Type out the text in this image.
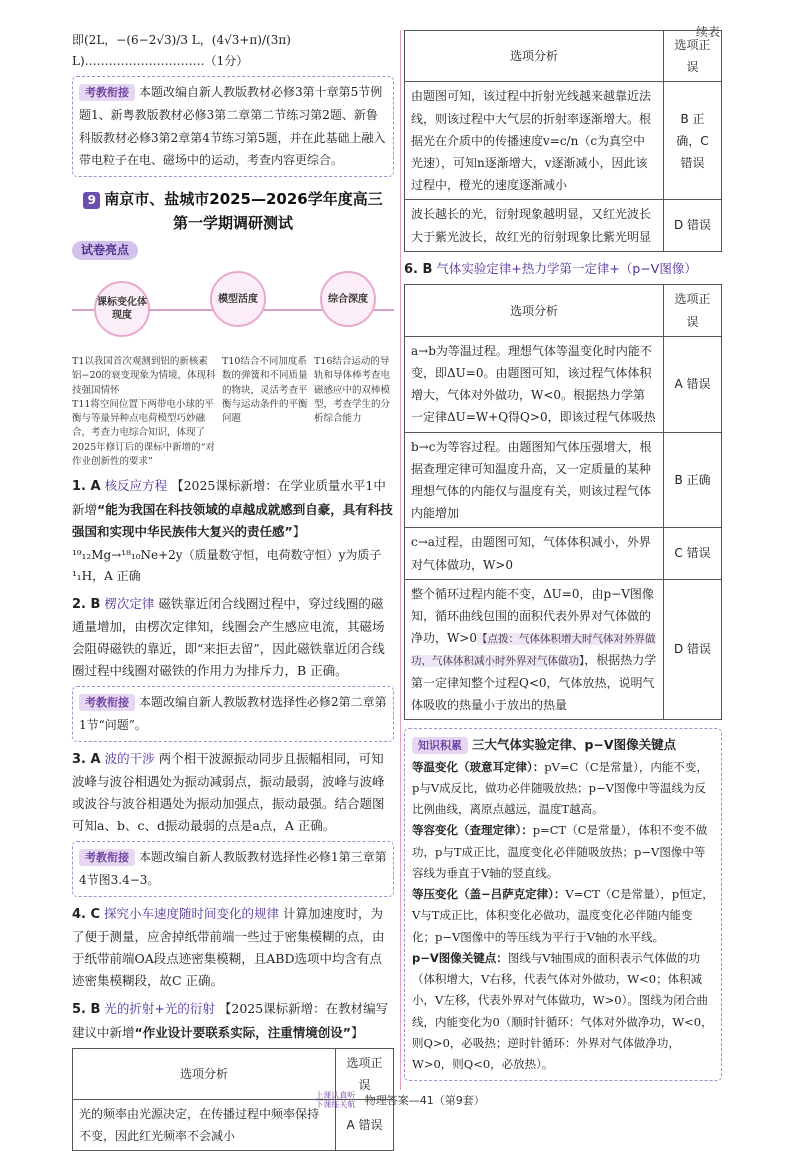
续表
即(2L，−(6−2√3)/3 L，(4√3+π)/(3π) L)…………………………（1分）
考教衔接 本题改编自新人教版教材必修3第十章第5节例题1、新粤教版教材必修3第二章第二节练习第2题、新鲁科版教材必修3第2章第4节练习第5题，并在此基础上融入带电粒子在电、磁场中的运动，考查内容更综合。
9 南京市、盐城市2025—2026学年度高三
第一学期调研测试
试卷亮点
课标变化体现度
模型活度	综合深度
T1以我国首次观测到铝的新核素铝−20的衰变现象为情境，体现科技强国情怀
T11将空间位置下两带电小球的平衡与等量异种点电荷模型巧妙融合，考查力电综合知识，体现了2025年修订后的课标中新增的“对作业创新性的要求”
T10结合不同加度系数的弹簧和不同质量的物块，灵活考查平衡与运动条件的平衡问题
T16结合运动的导轨和导体棒考查电磁感应中的双棒模型，考查学生的分析综合能力
1. A 核反应方程 【2025课标新增：在学业质量水平1中新增“能为我国在科技领域的卓越成就感到自豪，具有科技强国和实现中华民族伟大复兴的责任感”】
¹⁹₁₂Mg→¹⁸₁₀Ne+2y（质量数守恒，电荷数守恒）y为质子¹₁H，A 正确
2. B 楞次定律 磁铁靠近闭合线圈过程中，穿过线圈的磁通量增加，由楞次定律知，线圈会产生感应电流，其磁场会阻碍磁铁的靠近，即“来拒去留”，因此磁铁靠近闭合线圈过程中线圈对磁铁的作用力为排斥力，B 正确。
考教衔接 本题改编自新人教版教材选择性必修2第二章第1节“问题”。
3. A 波的干涉 两个相干波源振动同步且振幅相同，可知波峰与波谷相遇处为振动减弱点，振动最弱，波峰与波峰或波谷与波谷相遇处为振动加强点，振动最强。结合题图可知a、b、c、d振动最弱的点是a点，A 正确。
考教衔接 本题改编自新人教版教材选择性必修1第三章第4节图3.4−3。
4. C 探究小车速度随时间变化的规律 计算加速度时，为了便于测量，应舍掉纸带前端一些过于密集模糊的点，由于纸带前端OA段点迹密集模糊，且ABD选项中均含有点迹密集模糊段，故C 正确。
5. B 光的折射+光的衍射 【2025课标新增：在教材编写建议中新增“作业设计要联系实际，注重情境创设”】
选项分析	选项正误
光的频率由光源决定，在传播过程中频率保持不变，因此红光频率不会减小	A 错误
选项分析	选项正误
由题图可知，该过程中折射光线越来越靠近法线，则该过程中大气层的折射率逐渐增大。根据光在介质中的传播速度v=c/n（c为真空中光速），可知n逐渐增大，v逐渐减小，因此该过程中，橙光的速度逐渐减小	B 正确，C 错误
波长越长的光，衍射现象越明显，又红光波长大于紫光波长，故红光的衍射现象比紫光明显	D 错误
6. B 气体实验定律+热力学第一定律+（p−V图像）
选项分析	选项正误
a→b为等温过程。理想气体等温变化时内能不变，即ΔU=0。由题图可知，该过程气体体积增大，气体对外做功，W<0。根据热力学第一定律ΔU=W+Q得Q>0，即该过程气体吸热	A 错误
b→c为等容过程。由题图知气体压强增大，根据查理定律可知温度升高，又一定质量的某种理想气体的内能仅与温度有关，则该过程气体内能增加	B 正确
c→a过程，由题图可知，气体体积减小，外界对气体做功，W>0	C 错误
整个循环过程内能不变，ΔU=0，由p−V图像知，循环曲线包围的面积代表外界对气体做的净功，W>0【点拨：气体体积增大时气体对外界做功，气体体积减小时外界对气体做功】，根据热力学第一定律知整个过程Q<0，气体放热，说明气体吸收的热量小于放出的热量	D 错误
知识积累 三大气体实验定律、p−V图像关键点
等温变化（玻意耳定律）：pV=C（C是常量），内能不变，p与V成反比，做功必伴随吸放热；p−V图像中等温线为反比例曲线，离原点越远，温度T越高。
等容变化（查理定律）：p=CT（C是常量），体积不变不做功，p与T成正比，温度变化必伴随吸放热；p−V图像中等容线为垂直于V轴的竖直线。
等压变化（盖−吕萨克定律）：V=CT（C是常量），p恒定，V与T成正比，体积变化必做功，温度变化必伴随内能变化；p−V图像中的等压线为平行于V轴的水平线。
p−V图像关键点：图线与V轴围成的面积表示气体做的功（体积增大，V右移，代表气体对外做功，W<0；体积减小，V左移，代表外界对气体做功，W>0）。图线为闭合曲线，内能变化为0（顺时针循环：气体对外做净功，W<0，则Q>0，必吸热；逆时针循环：外界对气体做净功，W>0，则Q<0，必放热）。
上课认真听
下课练关航 物理答案—41（第9套）
